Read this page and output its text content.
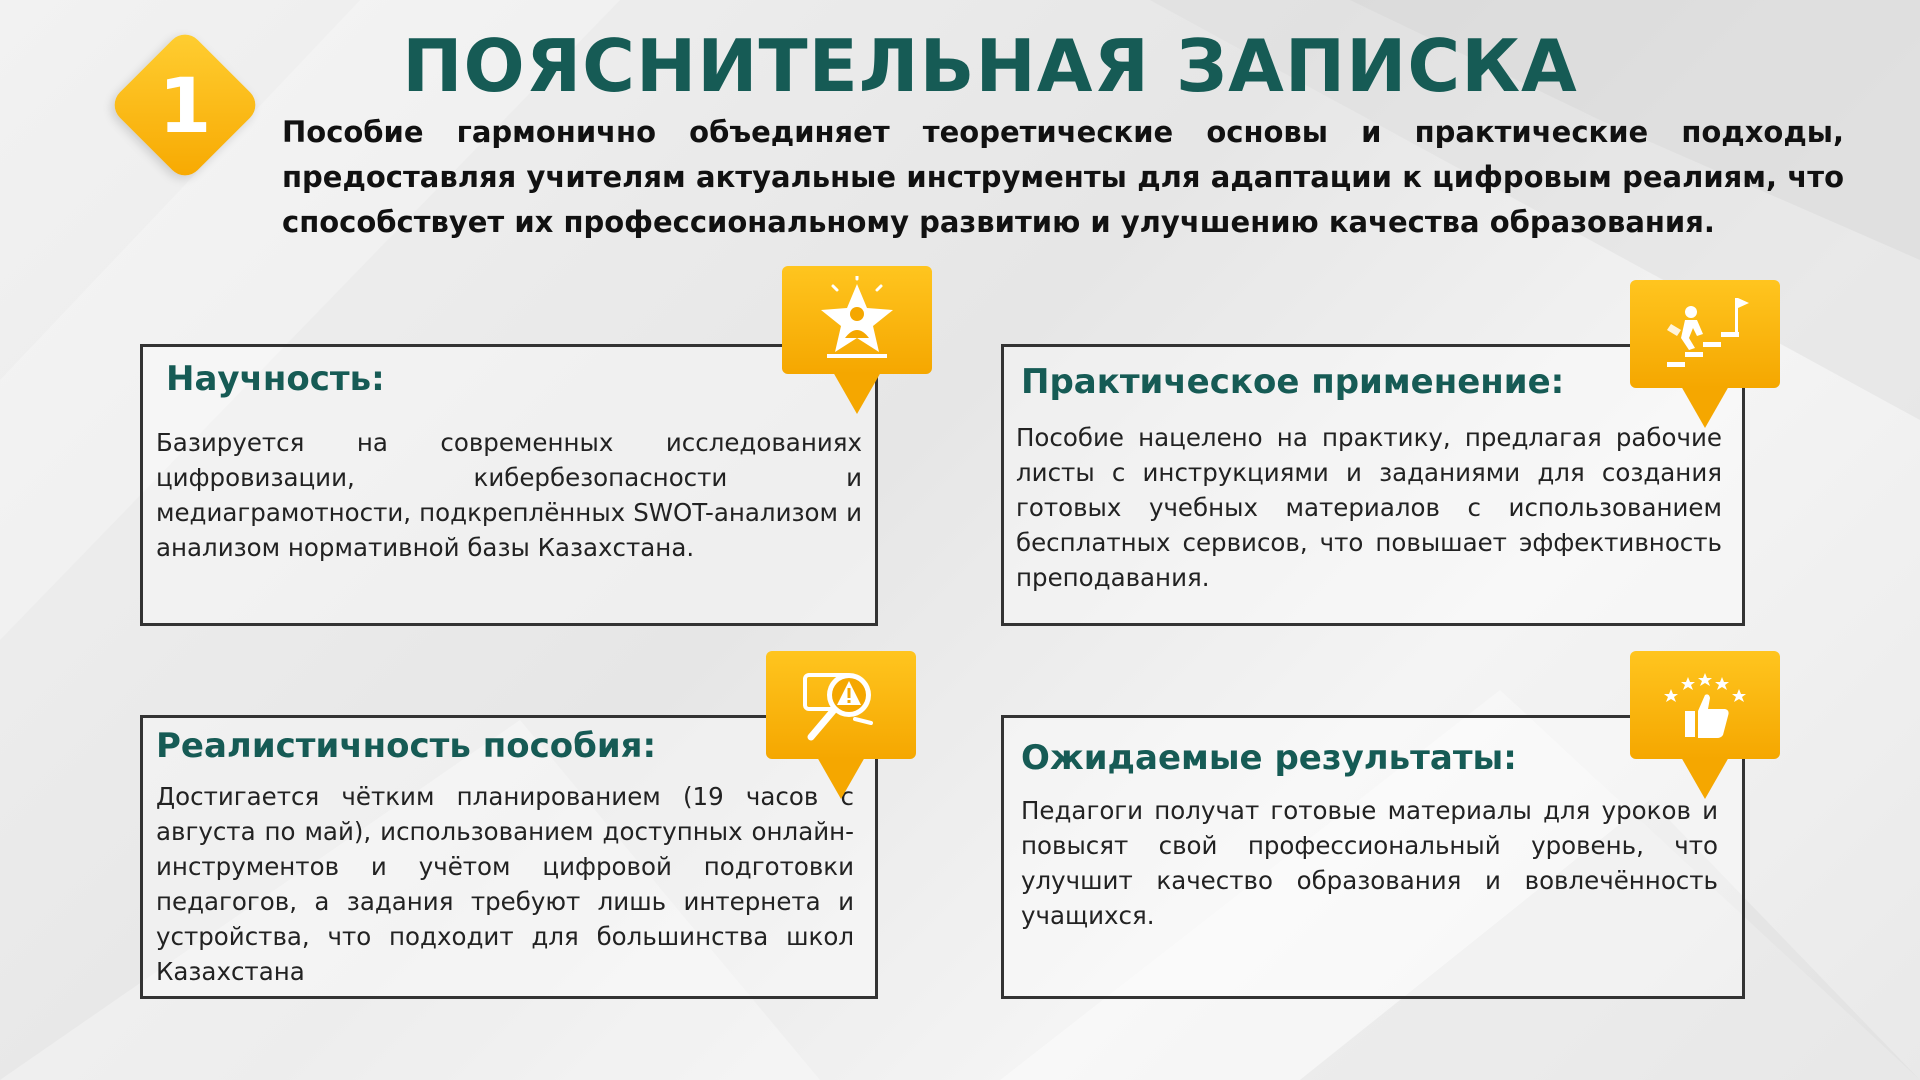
1	ПОЯСНИТЕЛЬНАЯ ЗАПИСКА
Пособие гармонично объединяет теоретические основы и практические подходы, предоставляя учителям актуальные инструменты для адаптации к цифровым реалиям, что способствует их профессиональному развитию и улучшению качества образования.
Научность:
Базируется на современных исследованиях цифровизации, кибербезопасности и медиаграмотности, подкреплённых SWOT-анализом и анализом нормативной базы Казахстана.
Практическое применение:
Пособие нацелено на практику, предлагая рабочие листы с инструкциями и заданиями для создания готовых учебных материалов с использованием бесплатных сервисов, что повышает эффективность преподавания.
Реалистичность пособия:
Достигается чётким планированием (19 часов с августа по май), использованием доступных онлайн-инструментов и учётом цифровой подготовки педагогов, а задания требуют лишь интернета и устройства, что подходит для большинства школ Казахстана
Ожидаемые результаты:
Педагоги получат готовые материалы для уроков и повысят свой профессиональный уровень, что улучшит качество образования и вовлечённость учащихся.
